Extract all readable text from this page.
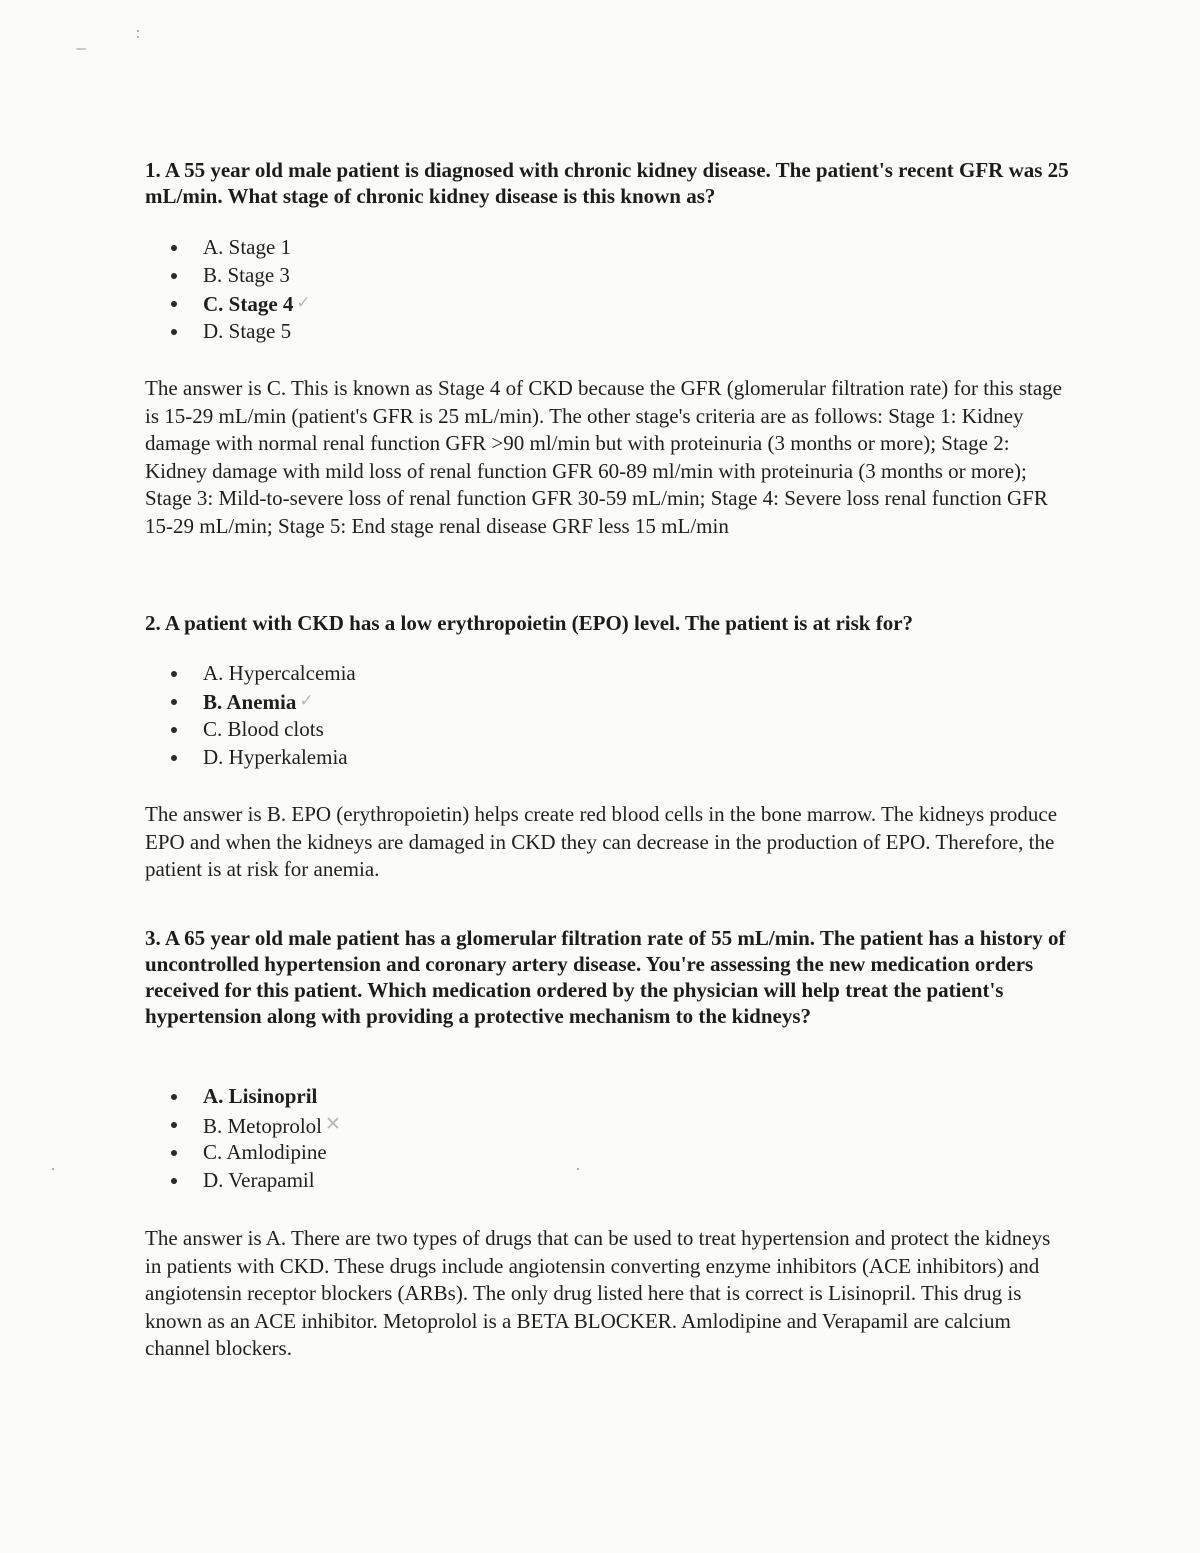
1. A 55 year old male patient is diagnosed with chronic kidney disease. The patient's recent GFR was 25 mL/min. What stage of chronic kidney disease is this known as?

A. Stage 1
B. Stage 3
C. Stage 4 ✓
D. Stage 5

The answer is C. This is known as Stage 4 of CKD because the GFR (glomerular filtration rate) for this stage is 15-29 mL/min (patient's GFR is 25 mL/min). The other stage's criteria are as follows: Stage 1: Kidney damage with normal renal function GFR >90 ml/min but with proteinuria (3 months or more); Stage 2: Kidney damage with mild loss of renal function GFR 60-89 ml/min with proteinuria (3 months or more); Stage 3: Mild-to-severe loss of renal function GFR 30-59 mL/min; Stage 4: Severe loss renal function GFR 15-29 mL/min; Stage 5: End stage renal disease GRF less 15 mL/min

2. A patient with CKD has a low erythropoietin (EPO) level. The patient is at risk for?

A. Hypercalcemia
B. Anemia ✓
C. Blood clots
D. Hyperkalemia

The answer is B. EPO (erythropoietin) helps create red blood cells in the bone marrow. The kidneys produce EPO and when the kidneys are damaged in CKD they can decrease in the production of EPO. Therefore, the patient is at risk for anemia.

3. A 65 year old male patient has a glomerular filtration rate of 55 mL/min. The patient has a history of uncontrolled hypertension and coronary artery disease. You're assessing the new medication orders received for this patient. Which medication ordered by the physician will help treat the patient's hypertension along with providing a protective mechanism to the kidneys?

A. Lisinopril
B. Metoprolol ✕
C. Amlodipine
D. Verapamil

The answer is A. There are two types of drugs that can be used to treat hypertension and protect the kidneys in patients with CKD. These drugs include angiotensin converting enzyme inhibitors (ACE inhibitors) and angiotensin receptor blockers (ARBs). The only drug listed here that is correct is Lisinopril. This drug is known as an ACE inhibitor. Metoprolol is a BETA BLOCKER. Amlodipine and Verapamil are calcium channel blockers.
